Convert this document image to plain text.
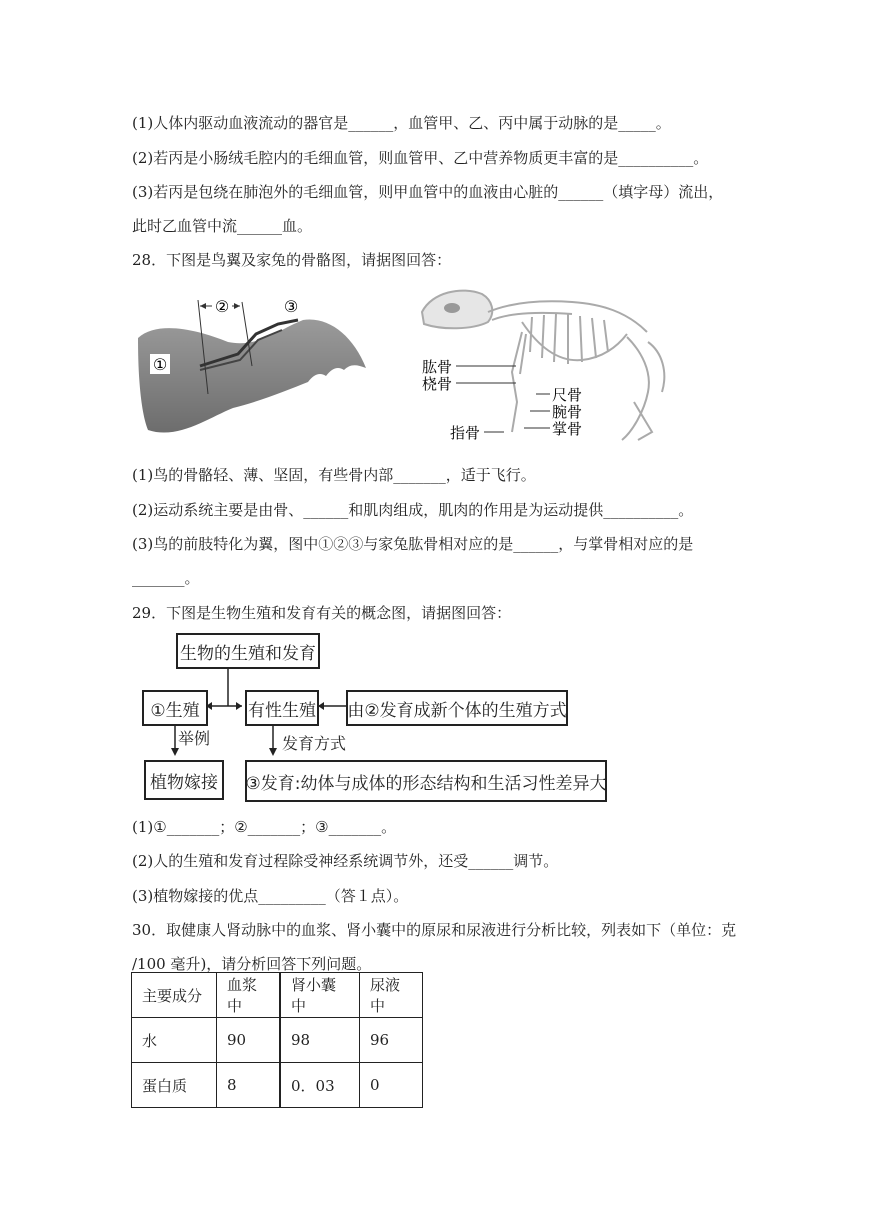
(1)人体内驱动血液流动的器官是______，血管甲、乙、丙中属于动脉的是_____。
(2)若丙是小肠绒毛腔内的毛细血管，则血管甲、乙中营养物质更丰富的是__________。
(3)若丙是包绕在肺泡外的毛细血管，则甲血管中的血液由心脏的______（填字母）流出，
此时乙血管中流______血。
28．下图是鸟翼及家兔的骨骼图，请据图回答：
②	③
①	肱骨
桡骨
尺骨
腕骨
掌骨
指骨
(1)鸟的骨骼轻、薄、坚固，有些骨内部_______，适于飞行。
(2)运动系统主要是由骨、______和肌肉组成，肌肉的作用是为运动提供__________。
(3)鸟的前肢特化为翼，图中①②③与家兔肱骨相对应的是______，与掌骨相对应的是
_______。
29．下图是生物生殖和发育有关的概念图，请据图回答：
生物的生殖和发育
①生殖	有性生殖 由②发育成新个体的生殖方式
植物嫁接	③发育:幼体与成体的形态结构和生活习性差异大
举例	发育方式
(1)①_______；②_______；③_______。
(2)人的生殖和发育过程除受神经系统调节外，还受______调节。
(3)植物嫁接的优点_________（答１点）。
30．取健康人肾动脉中的血浆、肾小囊中的原尿和尿液进行分析比较，列表如下（单位：克
/100 毫升)，请分析回答下列问题。
主要成分	血浆中	肾小囊中	尿液中
水	90	98	96
蛋白质	8	0．03	0
